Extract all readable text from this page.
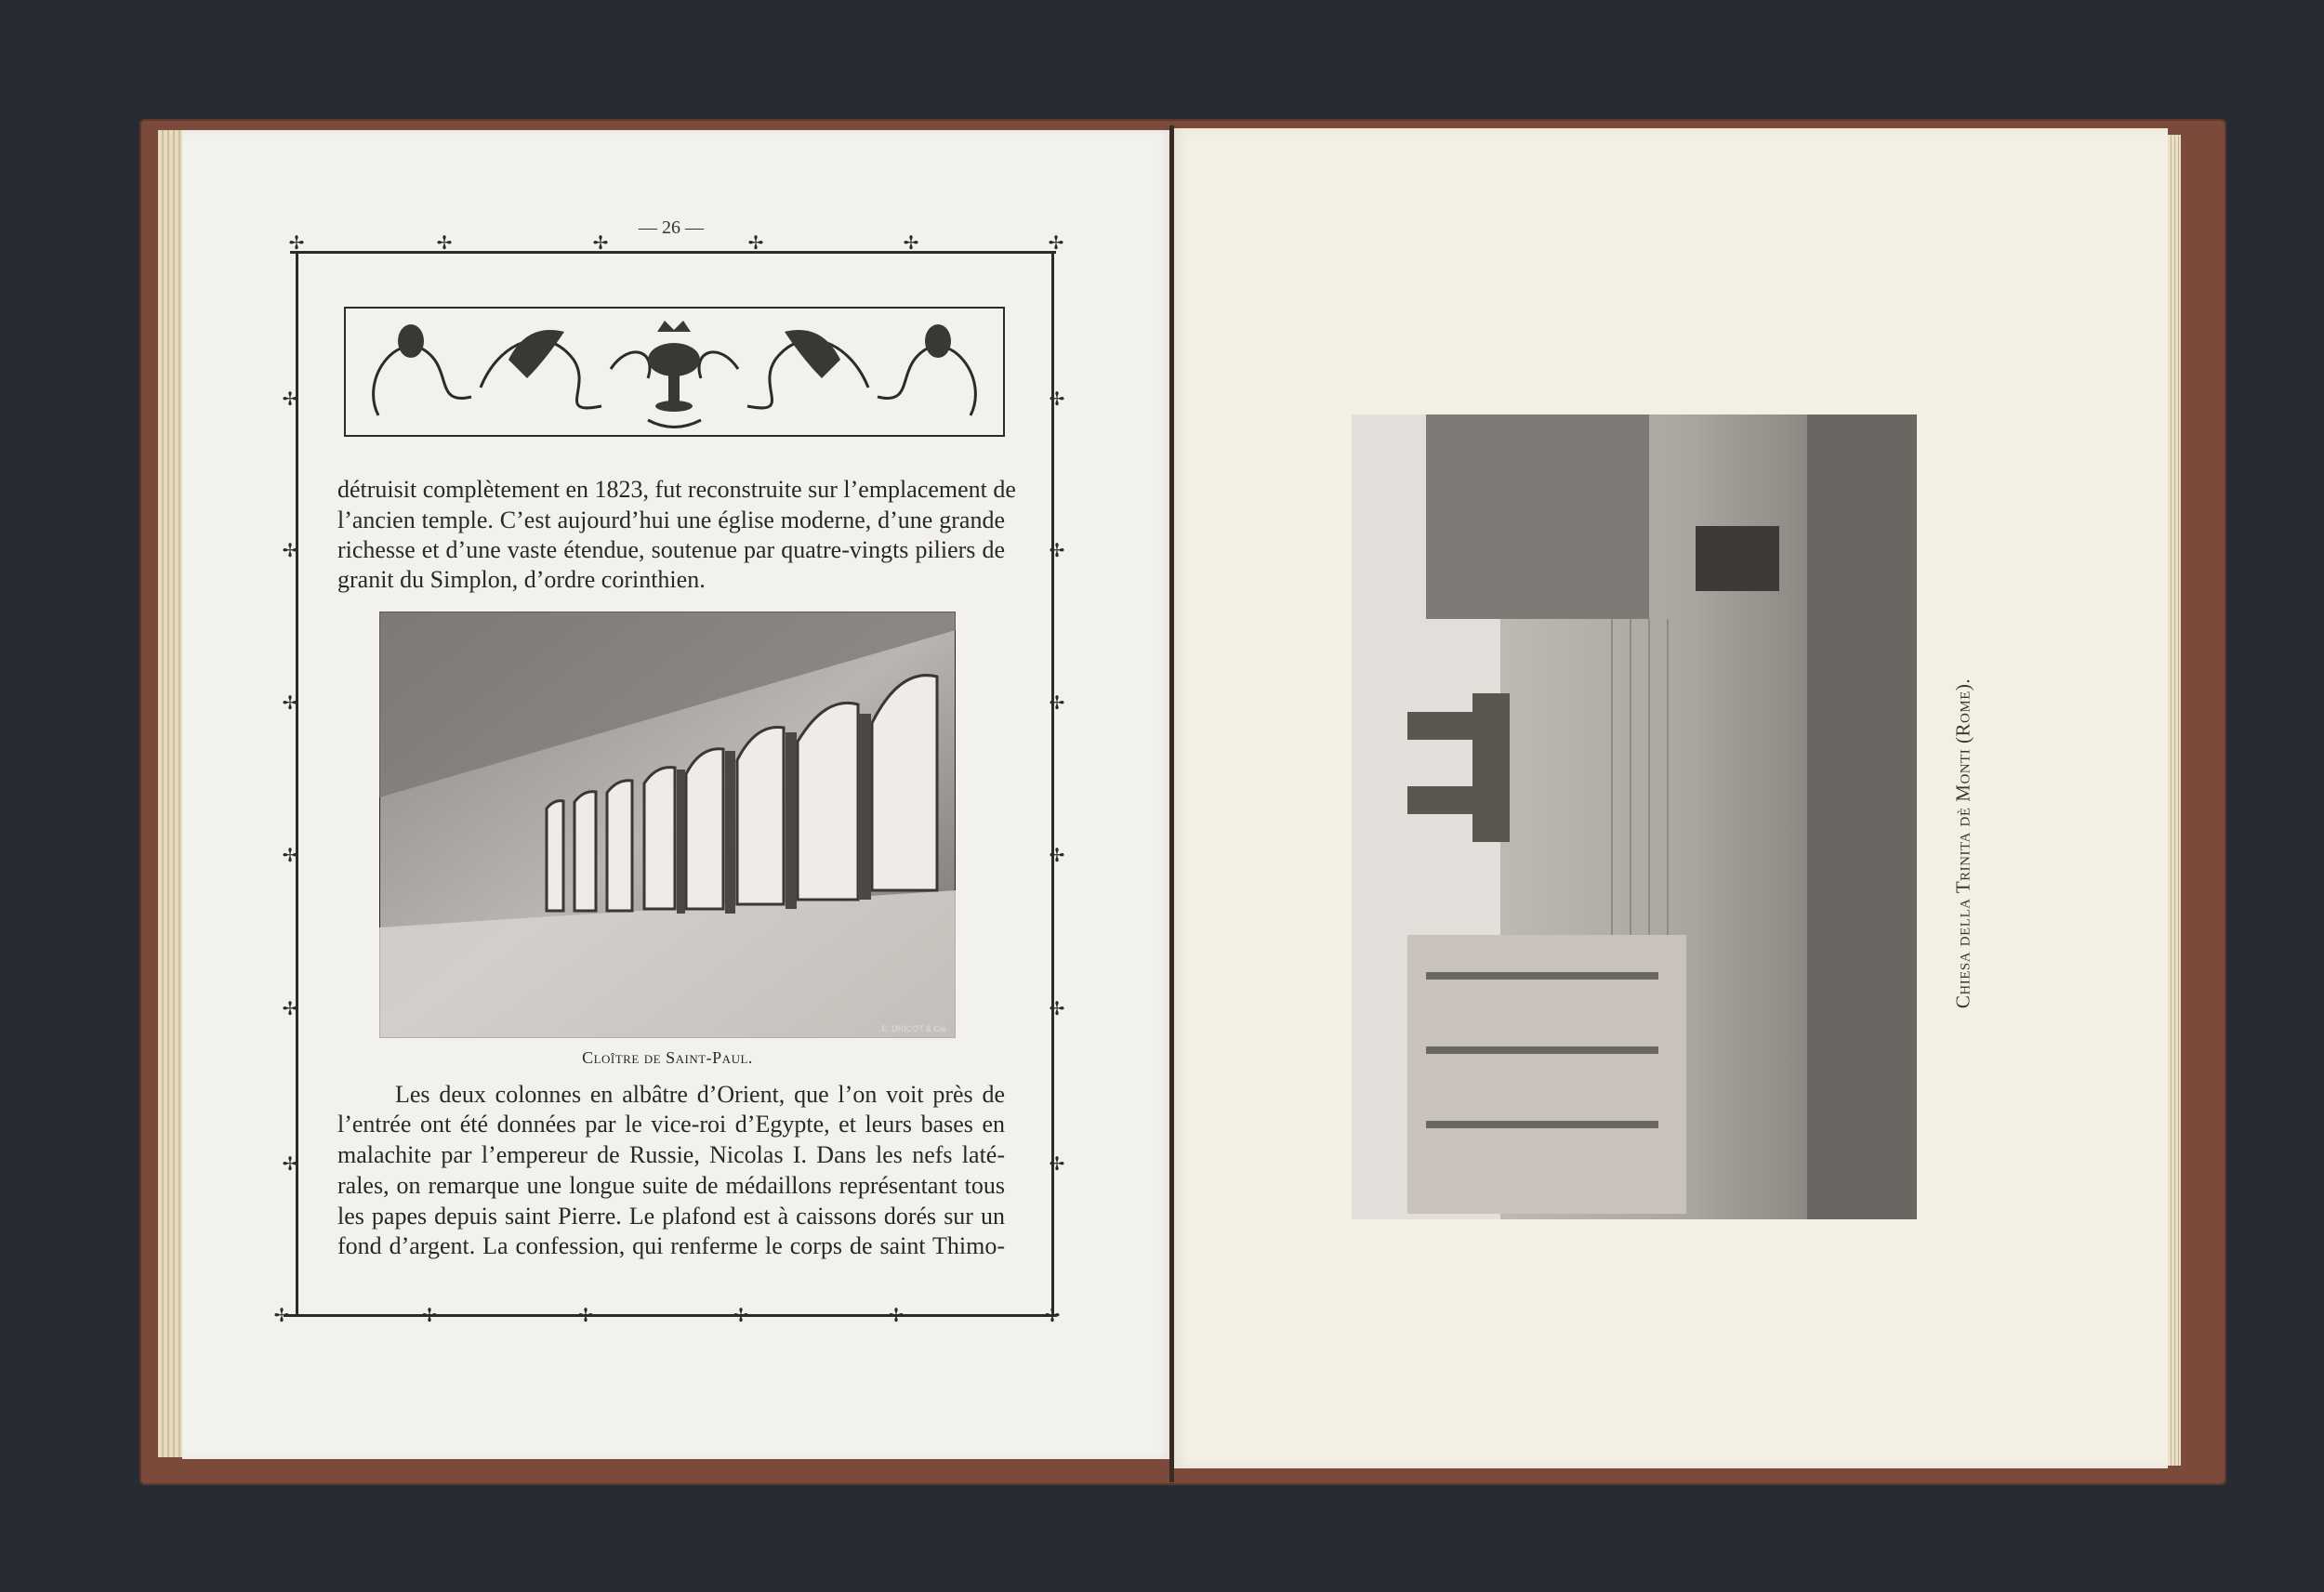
✢	✢	✢	✢	✢	✢
✢	✢	✢	✢	✢	✢
✢
✢
✢
✢
✢
✢
✢
✢
✢
✢
✢
✢
— 26 —
détruisit complètement en 1823, fut reconstruite sur l’emplacement de
l’ancien temple. C’est aujourd’hui une église moderne, d’une grande
richesse et d’une vaste étendue, soutenue par quatre-vingts piliers de
granit du Simplon, d’ordre corinthien.
E. DRICOT & Cie
Cloître de Saint-Paul.
Les deux colonnes en albâtre d’Orient, que l’on voit près de
l’entrée ont été données par le vice-roi d’Egypte, et leurs bases en
malachite par l’empereur de Russie, Nicolas I. Dans les nefs laté-
rales, on remarque une longue suite de médaillons représentant tous
les papes depuis saint Pierre. Le plafond est à caissons dorés sur un
fond d’argent. La confession, qui renferme le corps de saint Thimo-
Chiesa della Trinita dè Monti (Rome).
